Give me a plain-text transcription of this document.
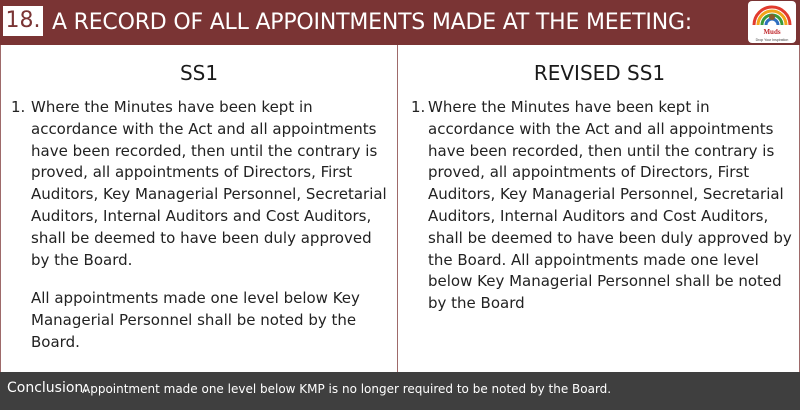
18. A RECORD OF ALL APPOINTMENTS MADE AT THE MEETING:	Muds
Drop Your Inspiration
SS1
1. Where the Minutes have been kept in accordance with the Act and all appointments have been recorded, then until the contrary is proved, all appointments of Directors, First Auditors, Key Managerial Personnel, Secretarial Auditors, Internal Auditors and Cost Auditors, shall be deemed to have been duly approved by the Board.
All appointments made one level below Key Managerial Personnel shall be noted by the Board.
REVISED SS1
1. Where the Minutes have been kept in accordance with the Act and all appointments have been recorded, then until the contrary is proved, all appointments of Directors, First Auditors, Key Managerial Personnel, Secretarial Auditors, Internal Auditors and Cost Auditors, shall be deemed to have been duly approved by the Board. All appointments made one level below Key Managerial Personnel shall be noted by the Board
Conclusion:
Appointment made one level below KMP is no longer required to be noted by the Board.
